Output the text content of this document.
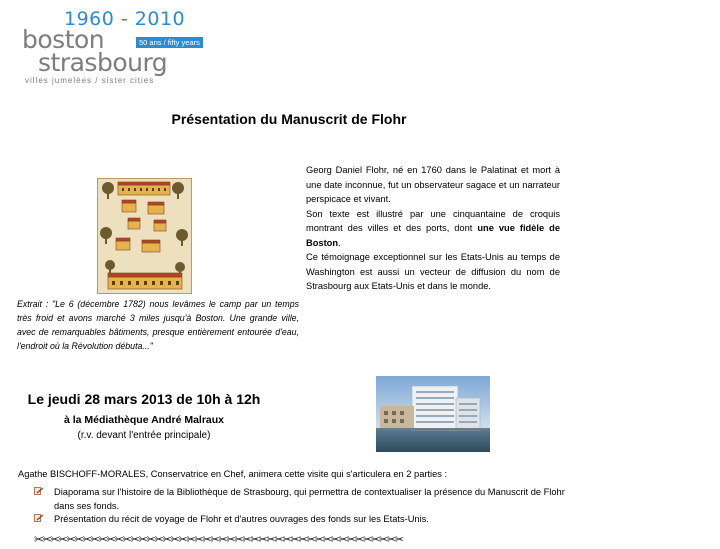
1960 - 2010
boston	50 ans / fifty years
strasbourg
villes jumelées / sister cities
Présentation du Manuscrit de Flohr

Georg Daniel Flohr, né en 1760 dans le Palatinat et mort à une date inconnue, fut un observateur sagace et un narrateur perspicace et vivant.

Son texte est illustré par une cinquantaine de croquis montrant des villes et des ports, dont une vue fidèle de Boston.

Ce témoignage exceptionnel sur les Etats-Unis au temps de Washington est aussi un vecteur de diffusion du nom de Strasbourg aux Etats-Unis et dans le monde.

Extrait : "Le 6 (décembre 1782) nous levâmes le camp par un temps très froid et avons marché 3 miles jusqu'à Boston. Une grande ville, avec de remarquables bâtiments, presque entièrement entourée d'eau, l'endroit où la Révolution débuta..."
Le jeudi 28 mars 2013 de 10h à 12h
à la Médiathèque André Malraux
(r.v. devant l'entrée principale)
Agathe BISCHOFF-MORALES, Conservatrice en Chef, animera cette visite qui s'articulera en 2 parties :
Diaporama sur l'histoire de la Bibliothèque de Strasbourg, qui permettra de contextualiser la présence du Manuscrit de Flohr
dans ses fonds.
Présentation du récit de voyage de Flohr et d'autres ouvrages des fonds sur les Etats-Unis.
✂✂✂✂✂✂✂✂✂✂✂✂✂✂✂✂✂✂✂✂✂✂✂✂✂✂✂✂✂✂✂✂✂✂✂✂✂✂✂✂✂✂✂✂✂✂
